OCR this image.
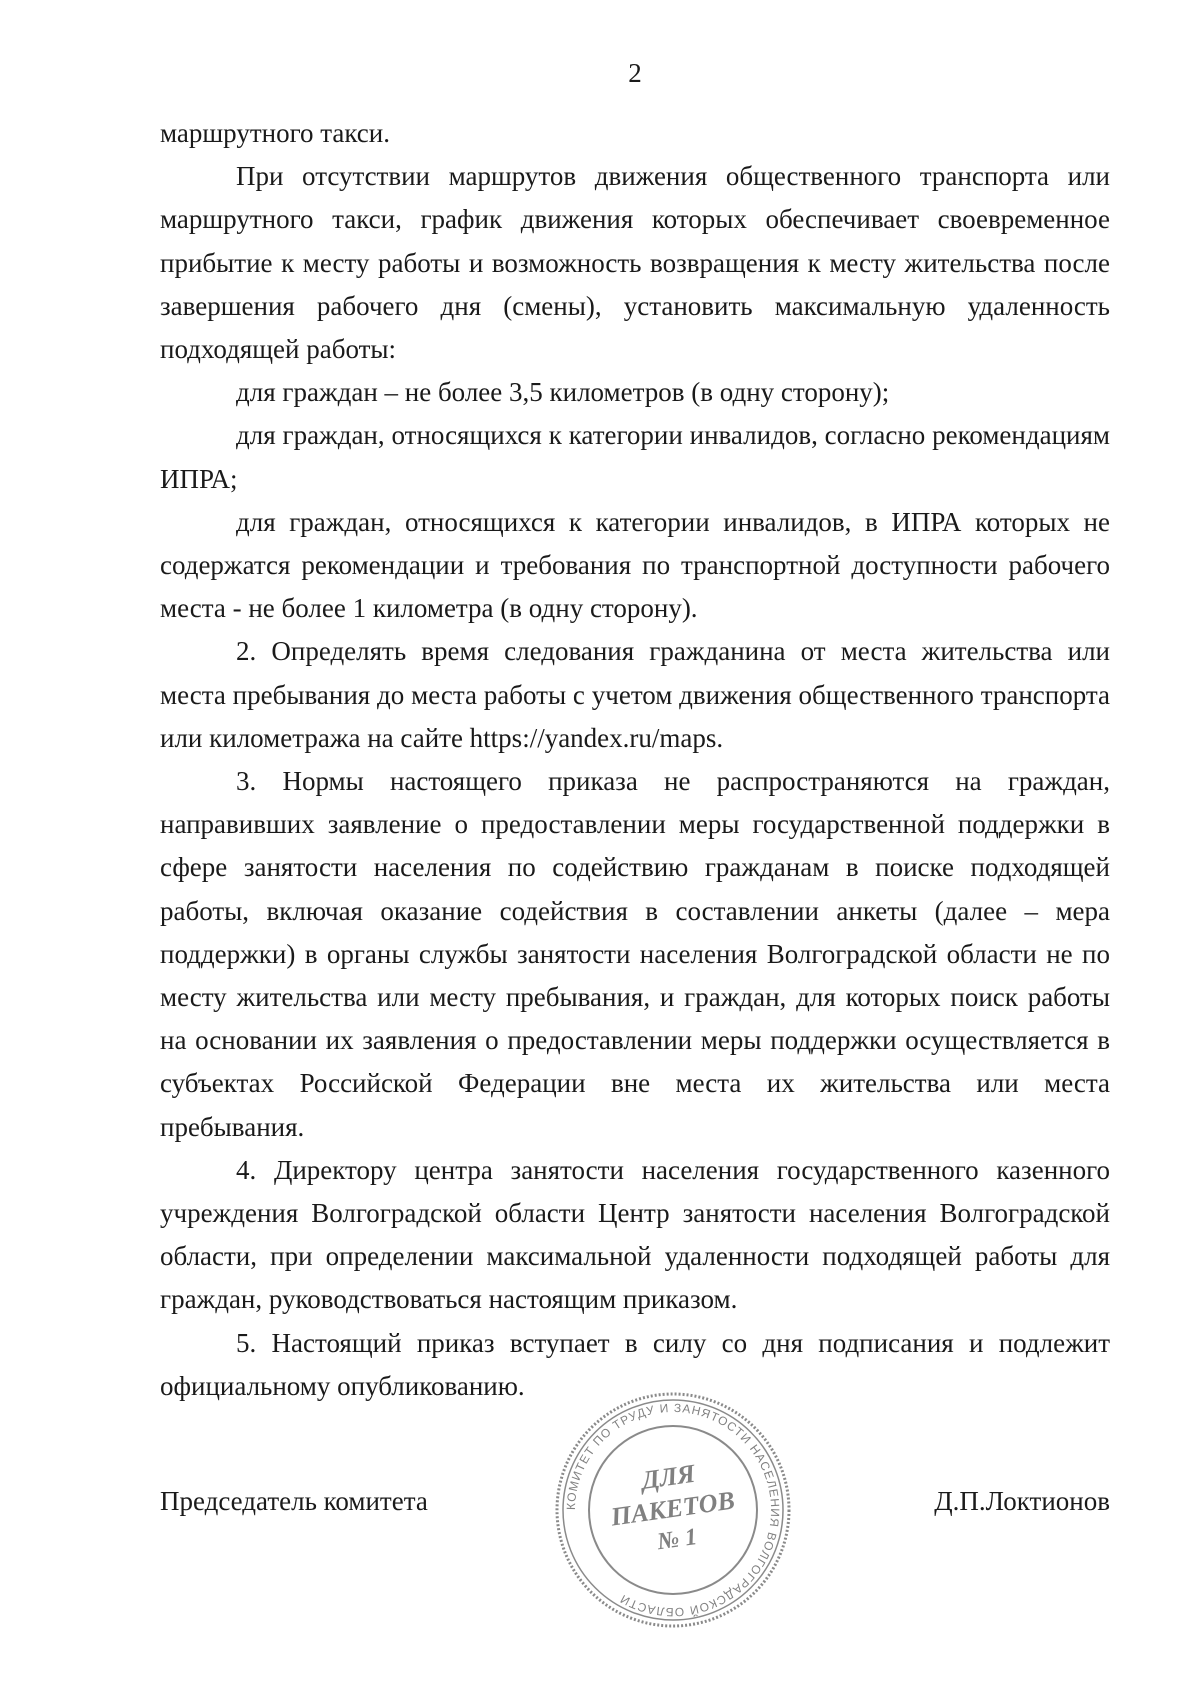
2

маршрутного такси.

При отсутствии маршрутов движения общественного транспорта или маршрутного такси, график движения которых обеспечивает своевременное прибытие к месту работы и возможность возвращения к месту жительства после завершения рабочего дня (смены), установить максимальную удаленность подходящей работы:

для граждан – не более 3,5 километров (в одну сторону);

для граждан, относящихся к категории инвалидов, согласно рекомендациям ИПРА;

для граждан, относящихся к категории инвалидов, в ИПРА которых не содержатся рекомендации и требования по транспортной доступности рабочего места - не более 1 километра (в одну сторону).

2. Определять время следования гражданина от места жительства или места пребывания до места работы с учетом движения общественного транспорта или километража на сайте https://yandex.ru/maps.

3. Нормы настоящего приказа не распространяются на граждан, направивших заявление о предоставлении меры государственной поддержки в сфере занятости населения по содействию гражданам в поиске подходящей работы, включая оказание содействия в составлении анкеты (далее – мера поддержки) в органы службы занятости населения Волгоградской области не по месту жительства или месту пребывания, и граждан, для которых поиск работы на основании их заявления о предоставлении меры поддержки осуществляется в субъектах Российской Федерации вне места их жительства или места пребывания.

4. Директору центра занятости населения государственного казенного учреждения Волгоградской области Центр занятости населения Волгоградской области, при определении максимальной удаленности подходящей работы для граждан, руководствоваться настоящим приказом.

5. Настоящий приказ вступает в силу со дня подписания и подлежит официальному опубликованию.

КОМИТЕТ ПО ТРУДУ И ЗАНЯТОСТИ НАСЕЛЕНИЯ ВОЛГОГРАДСКОЙ ОБЛАСТИ
ДЛЯ
ПАКЕТОВ
№ 1
Председатель комитета	Д.П.Локтионов
